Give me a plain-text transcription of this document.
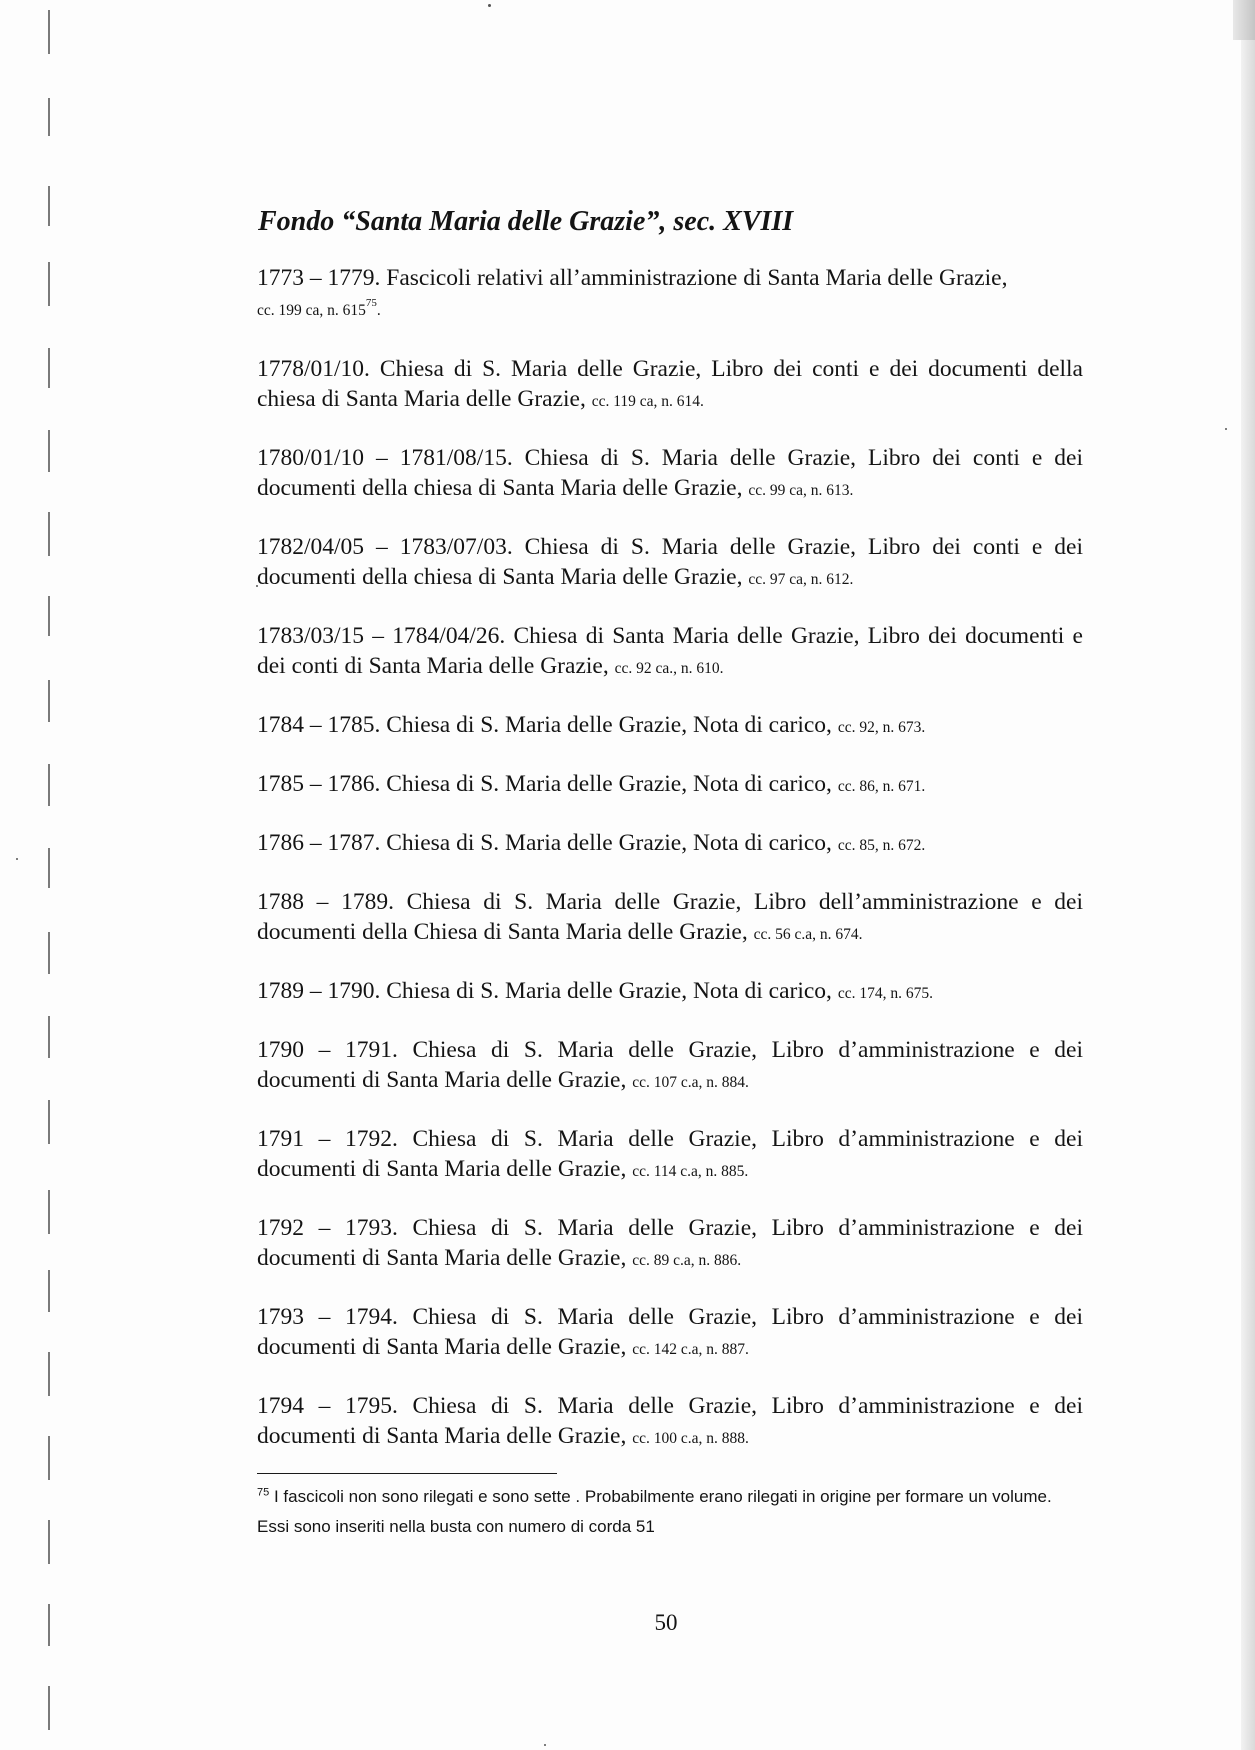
Fondo “Santa Maria delle Grazie”, sec. XVIII
1773 – 1779. Fascicoli relativi all’amministrazione di Santa Maria delle Grazie,
cc. 199 ca, n. 615$^{75}$.
1778/01/10. Chiesa di S. Maria delle Grazie, Libro dei conti e dei documenti della chiesa di Santa Maria delle Grazie, cc. 119 ca, n. 614.
1780/01/10 – 1781/08/15. Chiesa di S. Maria delle Grazie, Libro dei conti e dei documenti della chiesa di Santa Maria delle Grazie, cc. 99 ca, n. 613.
1782/04/05 – 1783/07/03. Chiesa di S. Maria delle Grazie, Libro dei conti e dei documenti della chiesa di Santa Maria delle Grazie, cc. 97 ca, n. 612.
1783/03/15 – 1784/04/26. Chiesa di Santa Maria delle Grazie, Libro dei documenti e dei conti di Santa Maria delle Grazie, cc. 92 ca., n. 610.
1784 – 1785. Chiesa di S. Maria delle Grazie, Nota di carico, cc. 92, n. 673.
1785 – 1786. Chiesa di S. Maria delle Grazie, Nota di carico, cc. 86, n. 671.
1786 – 1787. Chiesa di S. Maria delle Grazie, Nota di carico, cc. 85, n. 672.
1788 – 1789. Chiesa di S. Maria delle Grazie, Libro dell’amministrazione e dei documenti della Chiesa di Santa Maria delle Grazie, cc. 56 c.a, n. 674.
1789 – 1790. Chiesa di S. Maria delle Grazie, Nota di carico, cc. 174, n. 675.
1790 – 1791. Chiesa di S. Maria delle Grazie, Libro d’amministrazione e dei documenti di Santa Maria delle Grazie, cc. 107 c.a, n. 884.
1791 – 1792. Chiesa di S. Maria delle Grazie, Libro d’amministrazione e dei documenti di Santa Maria delle Grazie, cc. 114 c.a, n. 885.
1792 – 1793. Chiesa di S. Maria delle Grazie, Libro d’amministrazione e dei documenti di Santa Maria delle Grazie, cc. 89 c.a, n. 886.
1793 – 1794. Chiesa di S. Maria delle Grazie, Libro d’amministrazione e dei documenti di Santa Maria delle Grazie, cc. 142 c.a, n. 887.
1794 – 1795. Chiesa di S. Maria delle Grazie, Libro d’amministrazione e dei documenti di Santa Maria delle Grazie, cc. 100 c.a, n. 888.
$^{75}$ I fascicoli non sono rilegati e sono sette . Probabilmente erano rilegati in origine per formare un volume. Essi sono inseriti nella busta con numero di corda 51
50
